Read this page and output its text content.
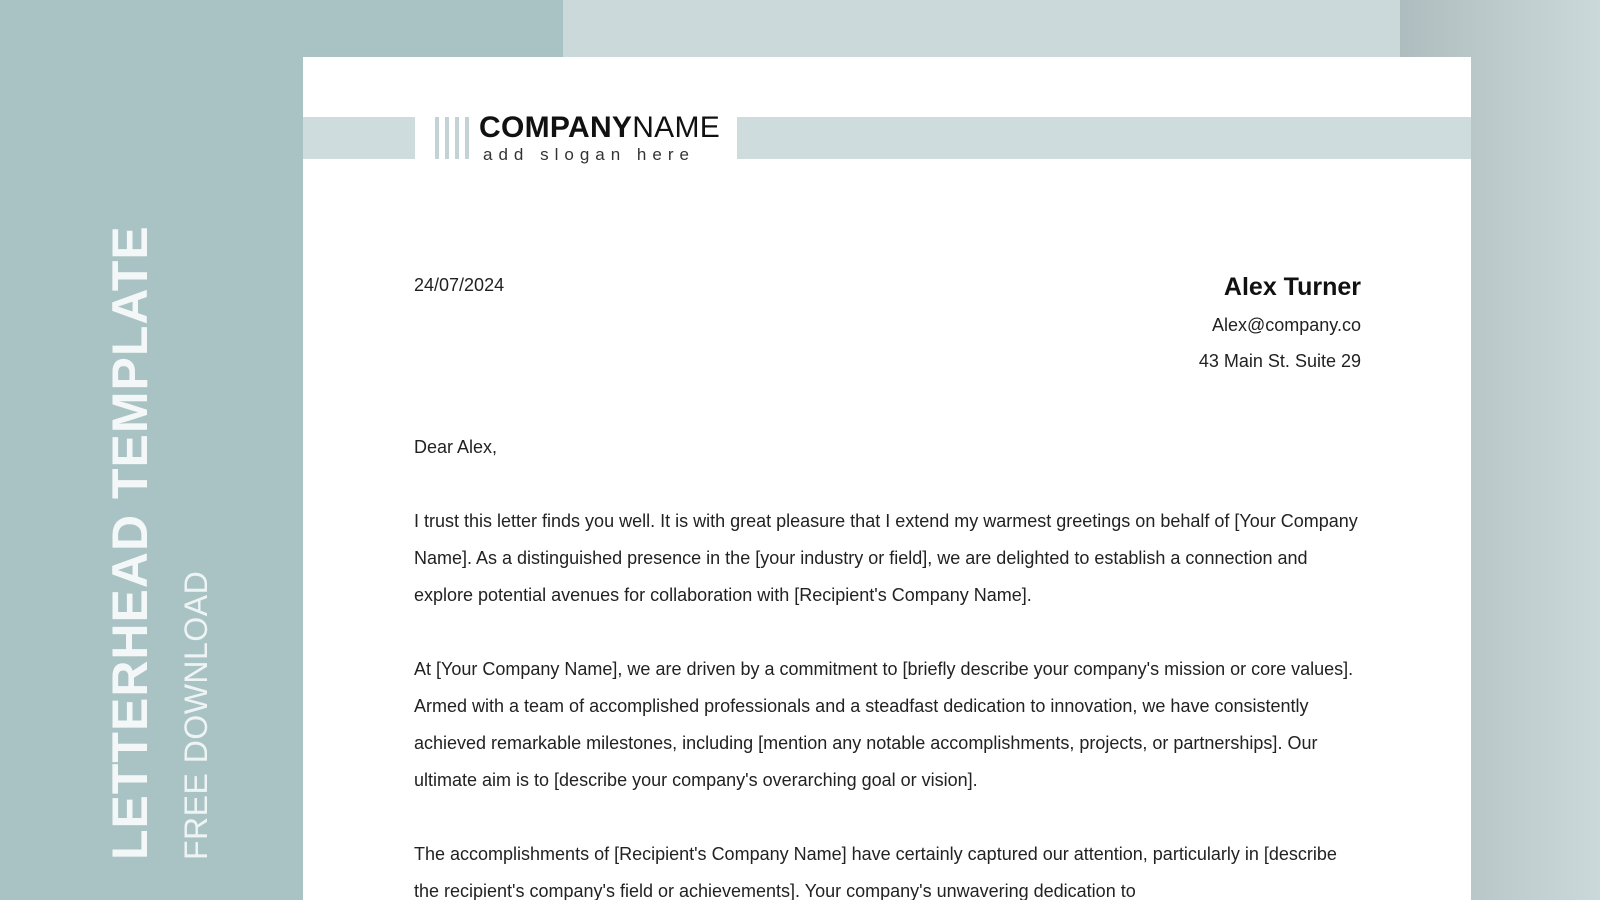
LETTERHEAD TEMPLATE FREE DOWNLOAD
COMPANYNAME
add slogan here
24/07/2024	Alex Turner
Alex@company.co
43 Main St. Suite 29

Dear Alex,

I trust this letter finds you well. It is with great pleasure that I extend my warmest greetings on behalf of [Your Company Name]. As a distinguished presence in the [your industry or field], we are delighted to establish a connection and explore potential avenues for collaboration with [Recipient's Company Name].

At [Your Company Name], we are driven by a commitment to [briefly describe your company's mission or core values]. Armed with a team of accomplished professionals and a steadfast dedication to innovation, we have consistently achieved remarkable milestones, including [mention any notable accomplishments, projects, or partnerships]. Our ultimate aim is to [describe your company's overarching goal or vision].

The accomplishments of [Recipient's Company Name] have certainly captured our attention, particularly in [describe the recipient's company's field or achievements]. Your company's unwavering dedication to
